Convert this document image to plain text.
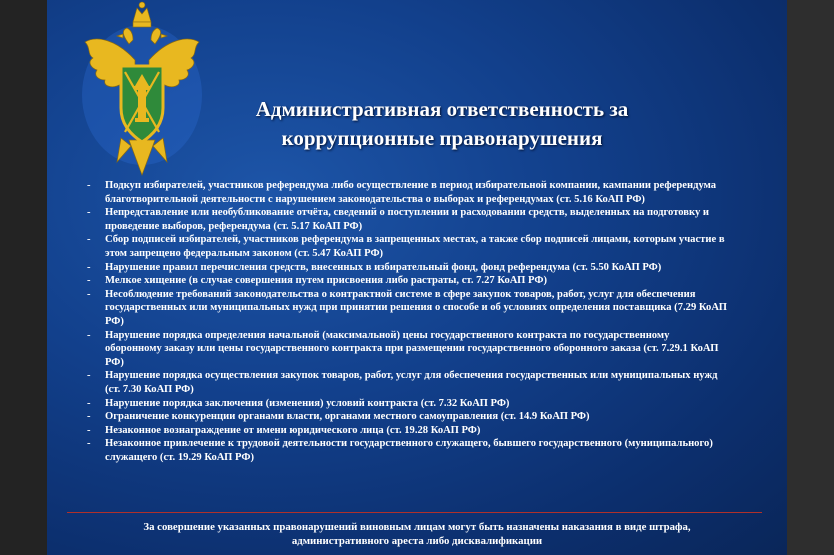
Административная ответственность за
коррупционные правонарушения
- Подкуп избирателей, участников референдума либо осуществление в период избирательной компании, кампании референдума благотворительной деятельности с нарушением законодательства о выборах и референдумах (ст. 5.16 КоАП РФ)
- Непредставление или необубликование отчёта, сведений о поступлении и расходовании средств, выделенных на подготовку и проведение выборов, референдума (ст. 5.17 КоАП РФ)
- Сбор подписей избирателей, участников референдума в запрещенных местах, а также сбор подписей лицами, которым участие в этом запрещено федеральным законом (ст. 5.47 КоАП РФ)
- Нарушение правил перечисления средств, внесенных в избирательный фонд, фонд референдума (ст. 5.50 КоАП РФ)
- Мелкое хищение (в случае совершения путем присвоения либо растраты, ст. 7.27 КоАП РФ)
- Несоблюдение требований законодательства о контрактной системе в сфере закупок товаров, работ, услуг для обеспечения государственных или муниципальных нужд при принятии решения о способе и об условиях определения поставщика (7.29 КоАП РФ)
- Нарушение порядка определения начальной (максимальной) цены государственного контракта по государственному оборонному заказу или цены государственного контракта при размещении государственного оборонного заказа (ст. 7.29.1 КоАП РФ)
- Нарушение порядка осуществления закупок товаров, работ, услуг для обеспечения государственных или муниципальных нужд (ст. 7.30 КоАП РФ)
- Нарушение порядка заключения (изменения) условий контракта (ст. 7.32 КоАП РФ)
- Ограничение конкуренции органами власти, органами местного самоуправления (ст. 14.9 КоАП РФ)
- Незаконное вознаграждение от имени юридического лица (ст. 19.28 КоАП РФ)
- Незаконное привлечение к трудовой деятельности государственного служащего, бывшего государственного (муниципального) служащего (ст. 19.29 КоАП РФ)
За совершение указанных правонарушений виновным лицам могут быть назначены наказания в виде штрафа,
административного ареста либо дисквалификации
